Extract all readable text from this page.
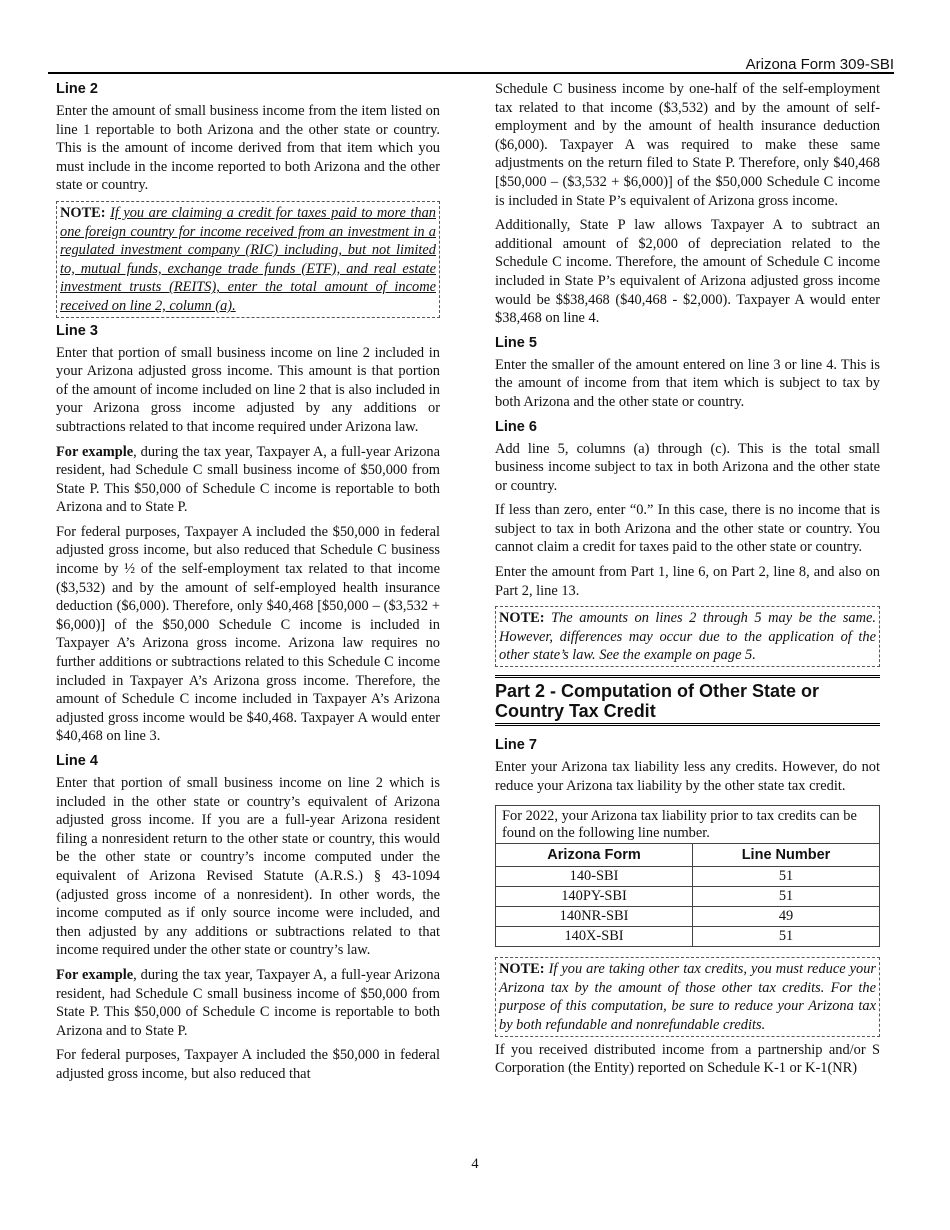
Arizona Form 309-SBI
Line 2

Enter the amount of small business income from the item listed on line 1 reportable to both Arizona and the other state or country. This is the amount of income derived from that item which you must include in the income reported to both Arizona and the other state or country.

NOTE: If you are claiming a credit for taxes paid to more than one foreign country for income received from an investment in a regulated investment company (RIC) including, but not limited to, mutual funds, exchange trade funds (ETF), and real estate investment trusts (REITS), enter the total amount of income received on line 2, column (a).
Line 3

Enter that portion of small business income on line 2 included in your Arizona adjusted gross income. This amount is that portion of the amount of income included on line 2 that is also included in your Arizona gross income adjusted by any additions or subtractions related to that income required under Arizona law.

For example, during the tax year, Taxpayer A, a full-year Arizona resident, had Schedule C small business income of $50,000 from State P. This $50,000 of Schedule C income is reportable to both Arizona and to State P.

For federal purposes, Taxpayer A included the $50,000 in federal adjusted gross income, but also reduced that Schedule C business income by ½ of the self-employment tax related to that income ($3,532) and by the amount of self-employed health insurance deduction ($6,000). Therefore, only $40,468 [$50,000 – ($3,532 + $6,000)] of the $50,000 Schedule C income is included in Taxpayer A’s Arizona gross income. Arizona law requires no further additions or subtractions related to this Schedule C income included in Taxpayer A’s Arizona gross income. Therefore, the amount of Schedule C income included in Taxpayer A’s Arizona adjusted gross income would be $40,468. Taxpayer A would enter $40,468 on line 3.

Line 4

Enter that portion of small business income on line 2 which is included in the other state or country’s equivalent of Arizona adjusted gross income. If you are a full-year Arizona resident filing a nonresident return to the other state or country, this would be the other state or country’s income computed under the equivalent of Arizona Revised Statute (A.R.S.) § 43-1094 (adjusted gross income of a nonresident). In other words, the income computed as if only source income were included, and then adjusted by any additions or subtractions related to that income required under the other state or country’s law.

For example, during the tax year, Taxpayer A, a full-year Arizona resident, had Schedule C small business income of $50,000 from State P. This $50,000 of Schedule C income is reportable to both Arizona and to State P.

For federal purposes, Taxpayer A included the $50,000 in federal adjusted gross income, but also reduced that

Schedule C business income by one-half of the self-employment tax related to that income ($3,532) and by the amount of self-employment and by the amount of health insurance deduction ($6,000). Taxpayer A was required to make these same adjustments on the return filed to State P. Therefore, only $40,468 [$50,000 – ($3,532 + $6,000)] of the $50,000 Schedule C income is included in State P’s equivalent of Arizona gross income.

Additionally, State P law allows Taxpayer A to subtract an additional amount of $2,000 of depreciation related to the Schedule C income. Therefore, the amount of Schedule C income included in State P’s equivalent of Arizona adjusted gross income would be $$38,468 ($40,468 - $2,000). Taxpayer A would enter $38,468 on line 4.

Line 5

Enter the smaller of the amount entered on line 3 or line 4. This is the amount of income from that item which is subject to tax by both Arizona and the other state or country.

Line 6

Add line 5, columns (a) through (c). This is the total small business income subject to tax in both Arizona and the other state or country.

If less than zero, enter “0.” In this case, there is no income that is subject to tax in both Arizona and the other state or country. You cannot claim a credit for taxes paid to the other state or country.

Enter the amount from Part 1, line 6, on Part 2, line 8, and also on Part 2, line 13.

NOTE: The amounts on lines 2 through 5 may be the same. However, differences may occur due to the application of the other state’s law. See the example on page 5.
Part 2 - Computation of Other State or
Country Tax Credit
Line 7

Enter your Arizona tax liability less any credits. However, do not reduce your Arizona tax liability by the other state tax credit.

For 2022, your Arizona tax liability prior to tax credits can be found on the following line number.
Arizona Form	Line Number
140-SBI	51
140PY-SBI	51
140NR-SBI	49
140X-SBI	51
NOTE: If you are taking other tax credits, you must reduce your Arizona tax by the amount of those other tax credits. For the purpose of this computation, be sure to reduce your Arizona tax by both refundable and nonrefundable credits.

If you received distributed income from a partnership and/or S Corporation (the Entity) reported on Schedule K-1 or K-1(NR)

4
